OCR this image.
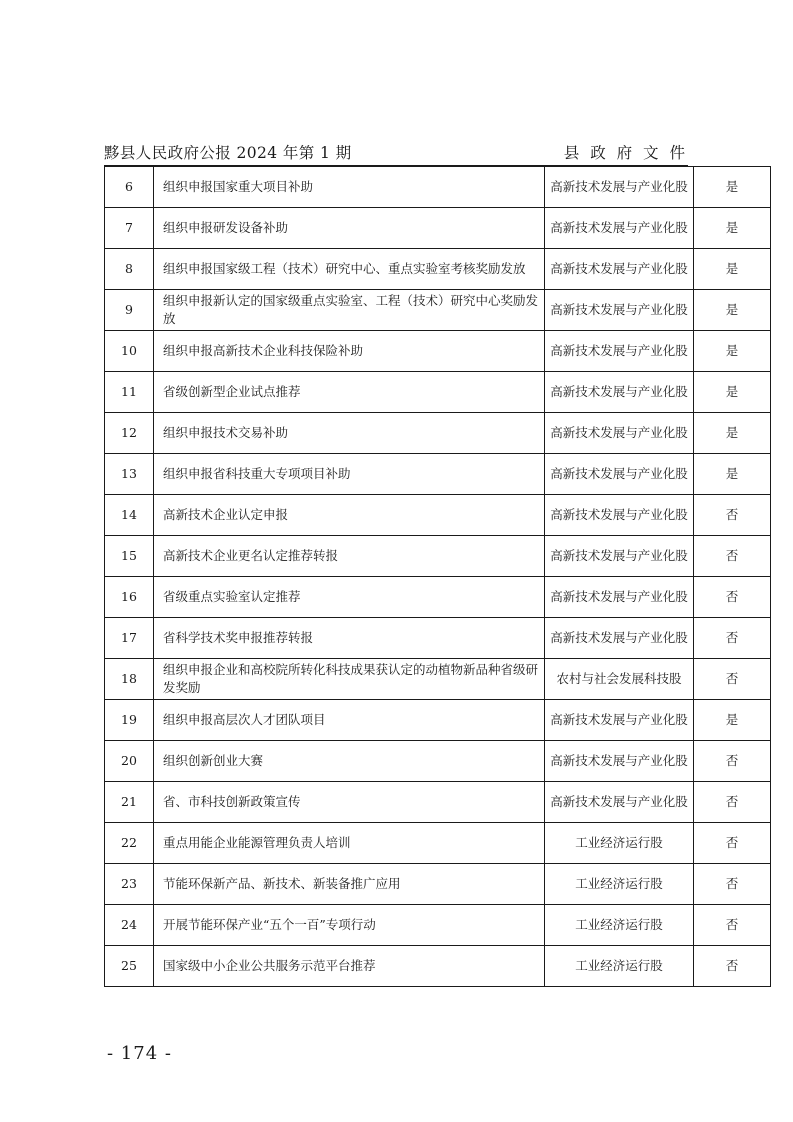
黟县人民政府公报 2024 年第 1 期	县 政 府 文 件
6	组织申报国家重大项目补助	高新技术发展与产业化股	是
7	组织申报研发设备补助	高新技术发展与产业化股	是
8	组织申报国家级工程（技术）研究中心、重点实验室考核奖励发放	高新技术发展与产业化股	是
9	组织申报新认定的国家级重点实验室、工程（技术）研究中心奖励发放	高新技术发展与产业化股	是
10	组织申报高新技术企业科技保险补助	高新技术发展与产业化股	是
11	省级创新型企业试点推荐	高新技术发展与产业化股	是
12	组织申报技术交易补助	高新技术发展与产业化股	是
13	组织申报省科技重大专项项目补助	高新技术发展与产业化股	是
14	高新技术企业认定申报	高新技术发展与产业化股	否
15	高新技术企业更名认定推荐转报	高新技术发展与产业化股	否
16	省级重点实验室认定推荐	高新技术发展与产业化股	否
17	省科学技术奖申报推荐转报	高新技术发展与产业化股	否
18	组织申报企业和高校院所转化科技成果获认定的动植物新品种省级研发奖励	农村与社会发展科技股	否
19	组织申报高层次人才团队项目	高新技术发展与产业化股	是
20	组织创新创业大赛	高新技术发展与产业化股	否
21	省、市科技创新政策宣传	高新技术发展与产业化股	否
22	重点用能企业能源管理负责人培训	工业经济运行股	否
23	节能环保新产品、新技术、新装备推广应用	工业经济运行股	否
24	开展节能环保产业“五个一百”专项行动	工业经济运行股	否
25	国家级中小企业公共服务示范平台推荐	工业经济运行股	否
- 174 -
